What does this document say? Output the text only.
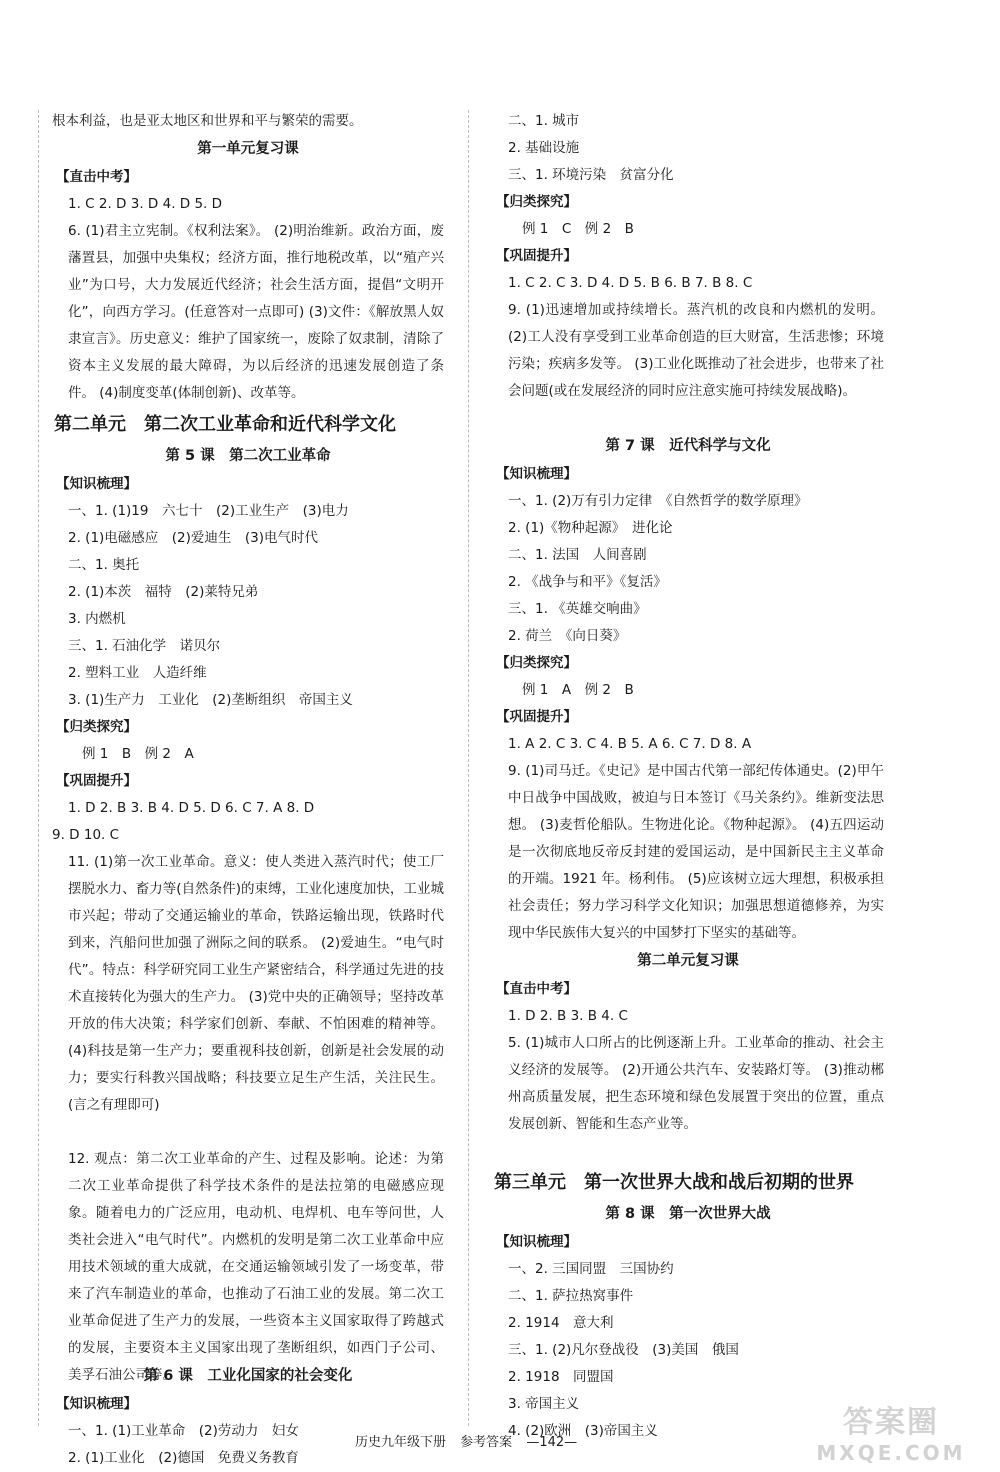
根本利益，也是亚太地区和世界和平与繁荣的需要。
第一单元复习课
【直击中考】
1. C 2. D 3. D 4. D 5. D
6. (1)君主立宪制。《权利法案》。 (2)明治维新。政治方面，废藩置县，加强中央集权；经济方面，推行地税改革，以“殖产兴业”为口号，大力发展近代经济；社会生活方面，提倡“文明开化”，向西方学习。(任意答对一点即可) (3)文件：《解放黑人奴隶宣言》。历史意义：维护了国家统一，废除了奴隶制，清除了资本主义发展的最大障碍，为以后经济的迅速发展创造了条件。 (4)制度变革(体制创新)、改革等。
第二单元　第二次工业革命和近代科学文化
第 5 课　第二次工业革命
【知识梳理】
一、1. (1)19　六七十　(2)工业生产　(3)电力
2. (1)电磁感应　(2)爱迪生　(3)电气时代
二、1. 奥托
2. (1)本茨　福特　(2)莱特兄弟
3. 内燃机
三、1. 石油化学　诺贝尔
2. 塑料工业　人造纤维
3. (1)生产力　工业化　(2)垄断组织　帝国主义
【归类探究】
例 1　B　例 2　A
【巩固提升】
1. D 2. B 3. B 4. D 5. D 6. C 7. A 8. D
9. D 10. C
11. (1)第一次工业革命。意义：使人类进入蒸汽时代；使工厂摆脱水力、畜力等(自然条件)的束缚，工业化速度加快，工业城市兴起；带动了交通运输业的革命，铁路运输出现，铁路时代到来，汽船问世加强了洲际之间的联系。 (2)爱迪生。“电气时代”。特点：科学研究同工业生产紧密结合，科学通过先进的技术直接转化为强大的生产力。 (3)党中央的正确领导；坚持改革开放的伟大决策；科学家们创新、奉献、不怕困难的精神等。 (4)科技是第一生产力；要重视科技创新，创新是社会发展的动力；要实行科教兴国战略；科技要立足生产生活，关注民生。(言之有理即可)
12. 观点：第二次工业革命的产生、过程及影响。论述：为第二次工业革命提供了科学技术条件的是法拉第的电磁感应现象。随着电力的广泛应用，电动机、电焊机、电车等问世，人类社会进入“电气时代”。内燃机的发明是第二次工业革命中应用技术领域的重大成就，在交通运输领域引发了一场变革，带来了汽车制造业的革命，也推动了石油工业的发展。第二次工业革命促进了生产力的发展，一些资本主义国家取得了跨越式的发展，主要资本主义国家出现了垄断组织，如西门子公司、美孚石油公司等。
第 6 课　工业化国家的社会变化
【知识梳理】
一、1. (1)工业革命　(2)劳动力　妇女
2. (1)工业化　(2)德国　免费义务教育
二、1. 城市
2. 基础设施
三、1. 环境污染　贫富分化
【归类探究】
例 1　C　例 2　B
【巩固提升】
1. C 2. C 3. D 4. D 5. B 6. B 7. B 8. C
9. (1)迅速增加或持续增长。蒸汽机的改良和内燃机的发明。(2)工人没有享受到工业革命创造的巨大财富，生活悲惨；环境污染；疾病多发等。 (3)工业化既推动了社会进步，也带来了社会问题(或在发展经济的同时应注意实施可持续发展战略)。
第 7 课　近代科学与文化
【知识梳理】
一、1. (2)万有引力定律　《自然哲学的数学原理》
2. (1)《物种起源》　进化论
二、1. 法国　人间喜剧
2. 《战争与和平》《复活》
三、1. 《英雄交响曲》
2. 荷兰　《向日葵》
【归类探究】
例 1　A　例 2　B
【巩固提升】
1. A 2. C 3. C 4. B 5. A 6. C 7. D 8. A
9. (1)司马迁。《史记》是中国古代第一部纪传体通史。(2)甲午中日战争中国战败，被迫与日本签订《马关条约》。维新变法思想。 (3)麦哲伦船队。生物进化论。《物种起源》。 (4)五四运动是一次彻底地反帝反封建的爱国运动，是中国新民主主义革命的开端。1921 年。杨利伟。 (5)应该树立远大理想，积极承担社会责任；努力学习科学文化知识；加强思想道德修养，为实现中华民族伟大复兴的中国梦打下坚实的基础等。
第二单元复习课
【直击中考】
1. D 2. B 3. B 4. C
5. (1)城市人口所占的比例逐渐上升。工业革命的推动、社会主义经济的发展等。 (2)开通公共汽车、安装路灯等。 (3)推动郴州高质量发展，把生态环境和绿色发展置于突出的位置，重点发展创新、智能和生态产业等。
第三单元　第一次世界大战和战后初期的世界
第 8 课　第一次世界大战
【知识梳理】
一、2. 三国同盟　三国协约
二、1. 萨拉热窝事件
2. 1914　意大利
三、1. (2)凡尔登战役　(3)美国　俄国
2. 1918　同盟国
3. 帝国主义
4. (2)欧洲　(3)帝国主义
历史九年级下册 参考答案 —142—
答案圈
MXQE.COM
